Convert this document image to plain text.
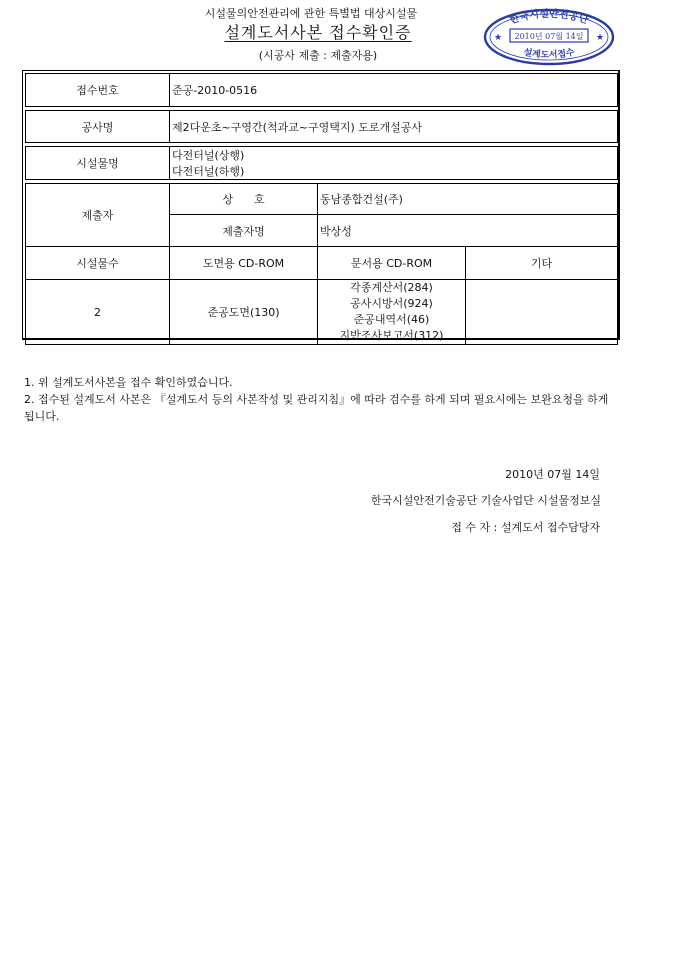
시설물의안전관리에 관한 특별법 대상시설물
설계도서사본 접수확인증
(시공사 제출 : 제출자용)
한국시설안전공단
설계도서접수
2010년 07월 14일
★	★
접수번호	준공-2010-0516		

공사명	제2다운초~구영간(척과교~구영택지) 도로개설공사		

시설물명	다전터널(상행)
다전터널(하행)		

제출자	상      호	동남종합건설(주)	
	제출자명	박상성	
시설물수	도면용 CD-ROM	문서용 CD-ROM	기타
2	준공도면(130)	각종계산서(284)
공사시방서(924)
준공내역서(46)
지반조사보고서(312)	

1. 위 설계도서사본을 접수 확인하였습니다.
2. 접수된 설계도서 사본은 『설계도서 등의 사본작성 및 관리지침』에 따라 검수를 하게 되며 필요시에는 보완요청을 하게 됩니다.
2010년 07월 14일
한국시설안전기술공단 기술사업단 시설물정보실
접 수 자 : 설계도서 접수담당자
